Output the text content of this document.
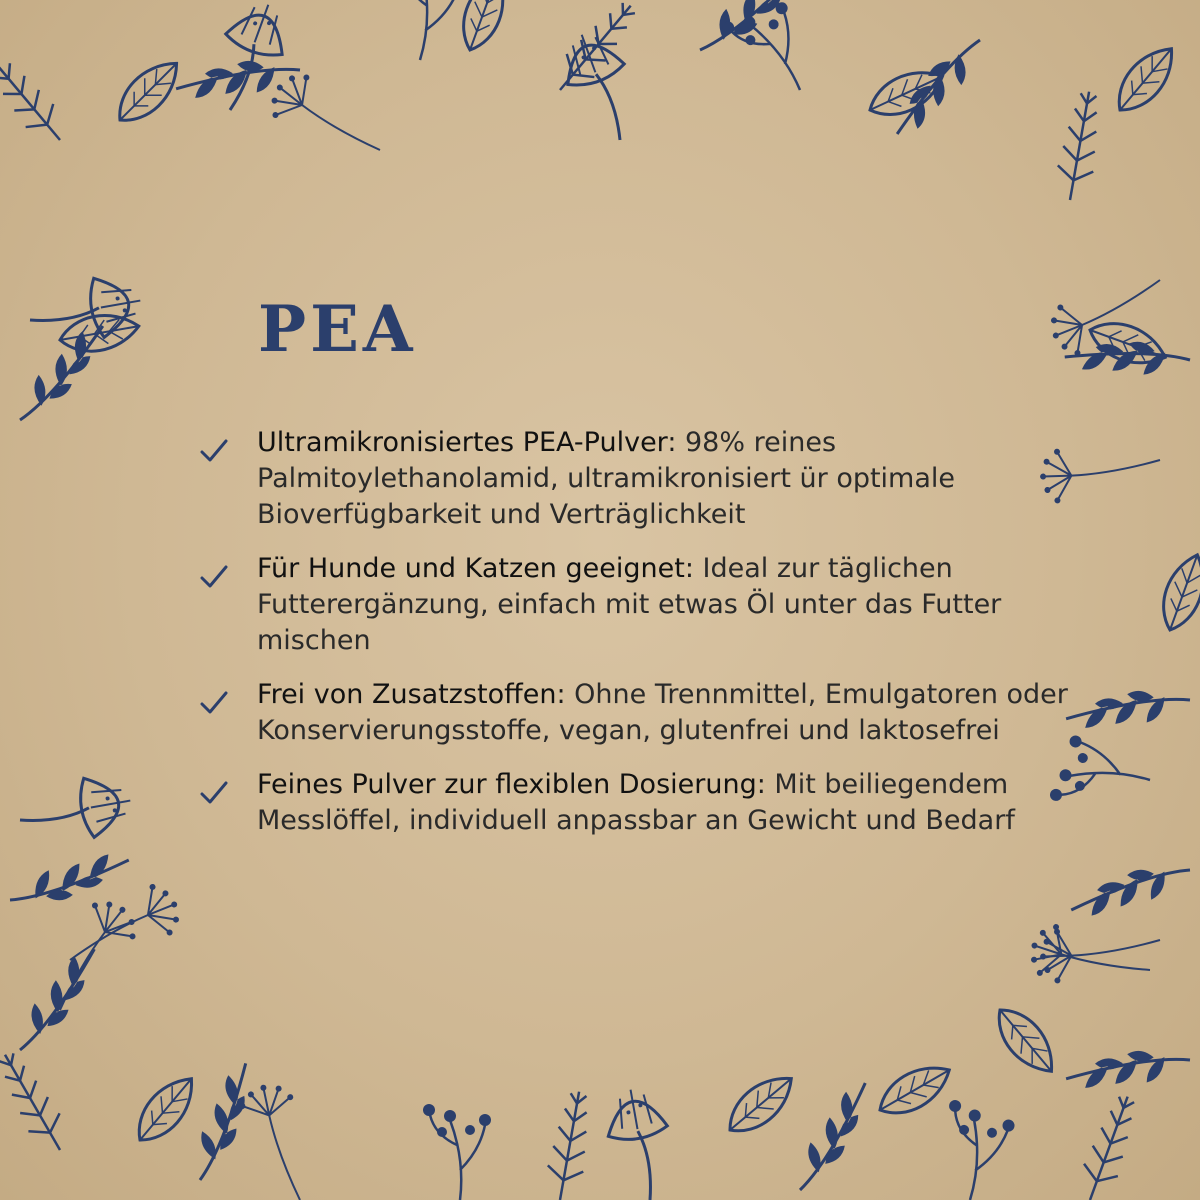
PEA
Ultramikronisiertes PEA-Pulver: 98% reines Palmitoylethanolamid, ultramikronisiert ür optimale Bioverfügbarkeit und Verträglichkeit
Für Hunde und Katzen geeignet: Ideal zur täglichen Futterergänzung, einfach mit etwas Öl unter das Futter mischen
Frei von Zusatzstoffen: Ohne Trennmittel, Emulgatoren oder Konservierungsstoffe, vegan, glutenfrei und laktosefrei
Feines Pulver zur flexiblen Dosierung: Mit beiliegendem Messlöffel, individuell anpassbar an Gewicht und Bedarf
